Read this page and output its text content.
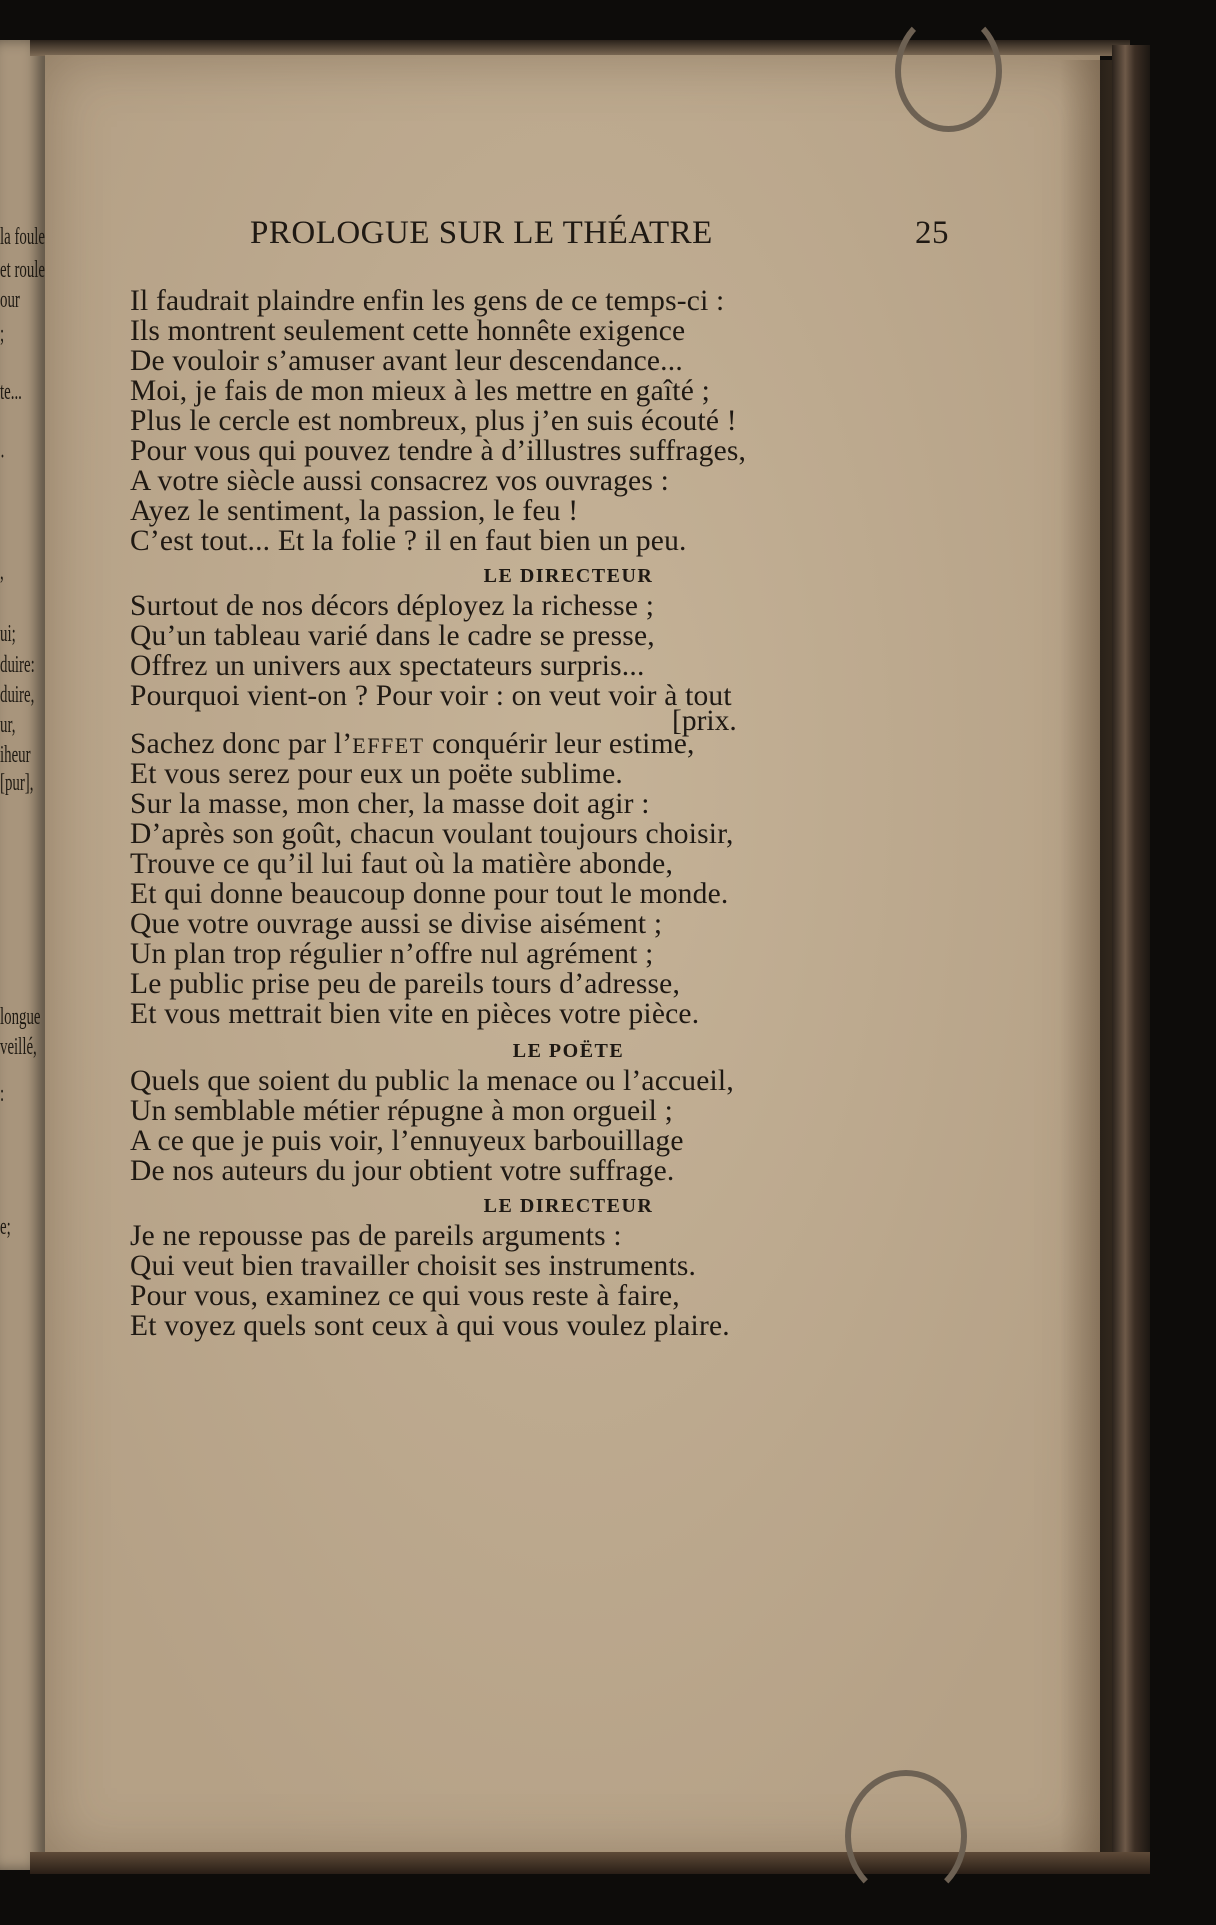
la foule
et roule
our
;
te...
·
,
ui;
duire:
duire,
ur,
iheur
[pur],
longue
veillé,
:
e;
PROLOGUE SUR LE THÉATRE	25
Il faudrait plaindre enfin les gens de ce temps-ci :
Ils montrent seulement cette honnête exigence
De vouloir s’amuser avant leur descendance...
Moi, je fais de mon mieux à les mettre en gaîté ;
Plus le cercle est nombreux, plus j’en suis écouté !
Pour vous qui pouvez tendre à d’illustres suffrages,
A votre siècle aussi consacrez vos ouvrages :
Ayez le sentiment, la passion, le feu !
C’est tout... Et la folie ? il en faut bien un peu.
LE DIRECTEUR
Surtout de nos décors déployez la richesse ;
Qu’un tableau varié dans le cadre se presse,
Offrez un univers aux spectateurs surpris...
Pourquoi vient-on ? Pour voir : on veut voir à tout
[prix.
Sachez donc par l’EFFET conquérir leur estime,
Et vous serez pour eux un poëte sublime.
Sur la masse, mon cher, la masse doit agir :
D’après son goût, chacun voulant toujours choisir,
Trouve ce qu’il lui faut où la matière abonde,
Et qui donne beaucoup donne pour tout le monde.
Que votre ouvrage aussi se divise aisément ;
Un plan trop régulier n’offre nul agrément ;
Le public prise peu de pareils tours d’adresse,
Et vous mettrait bien vite en pièces votre pièce.
LE POËTE
Quels que soient du public la menace ou l’accueil,
Un semblable métier répugne à mon orgueil ;
A ce que je puis voir, l’ennuyeux barbouillage
De nos auteurs du jour obtient votre suffrage.
LE DIRECTEUR
Je ne repousse pas de pareils arguments :
Qui veut bien travailler choisit ses instruments.
Pour vous, examinez ce qui vous reste à faire,
Et voyez quels sont ceux à qui vous voulez plaire.
